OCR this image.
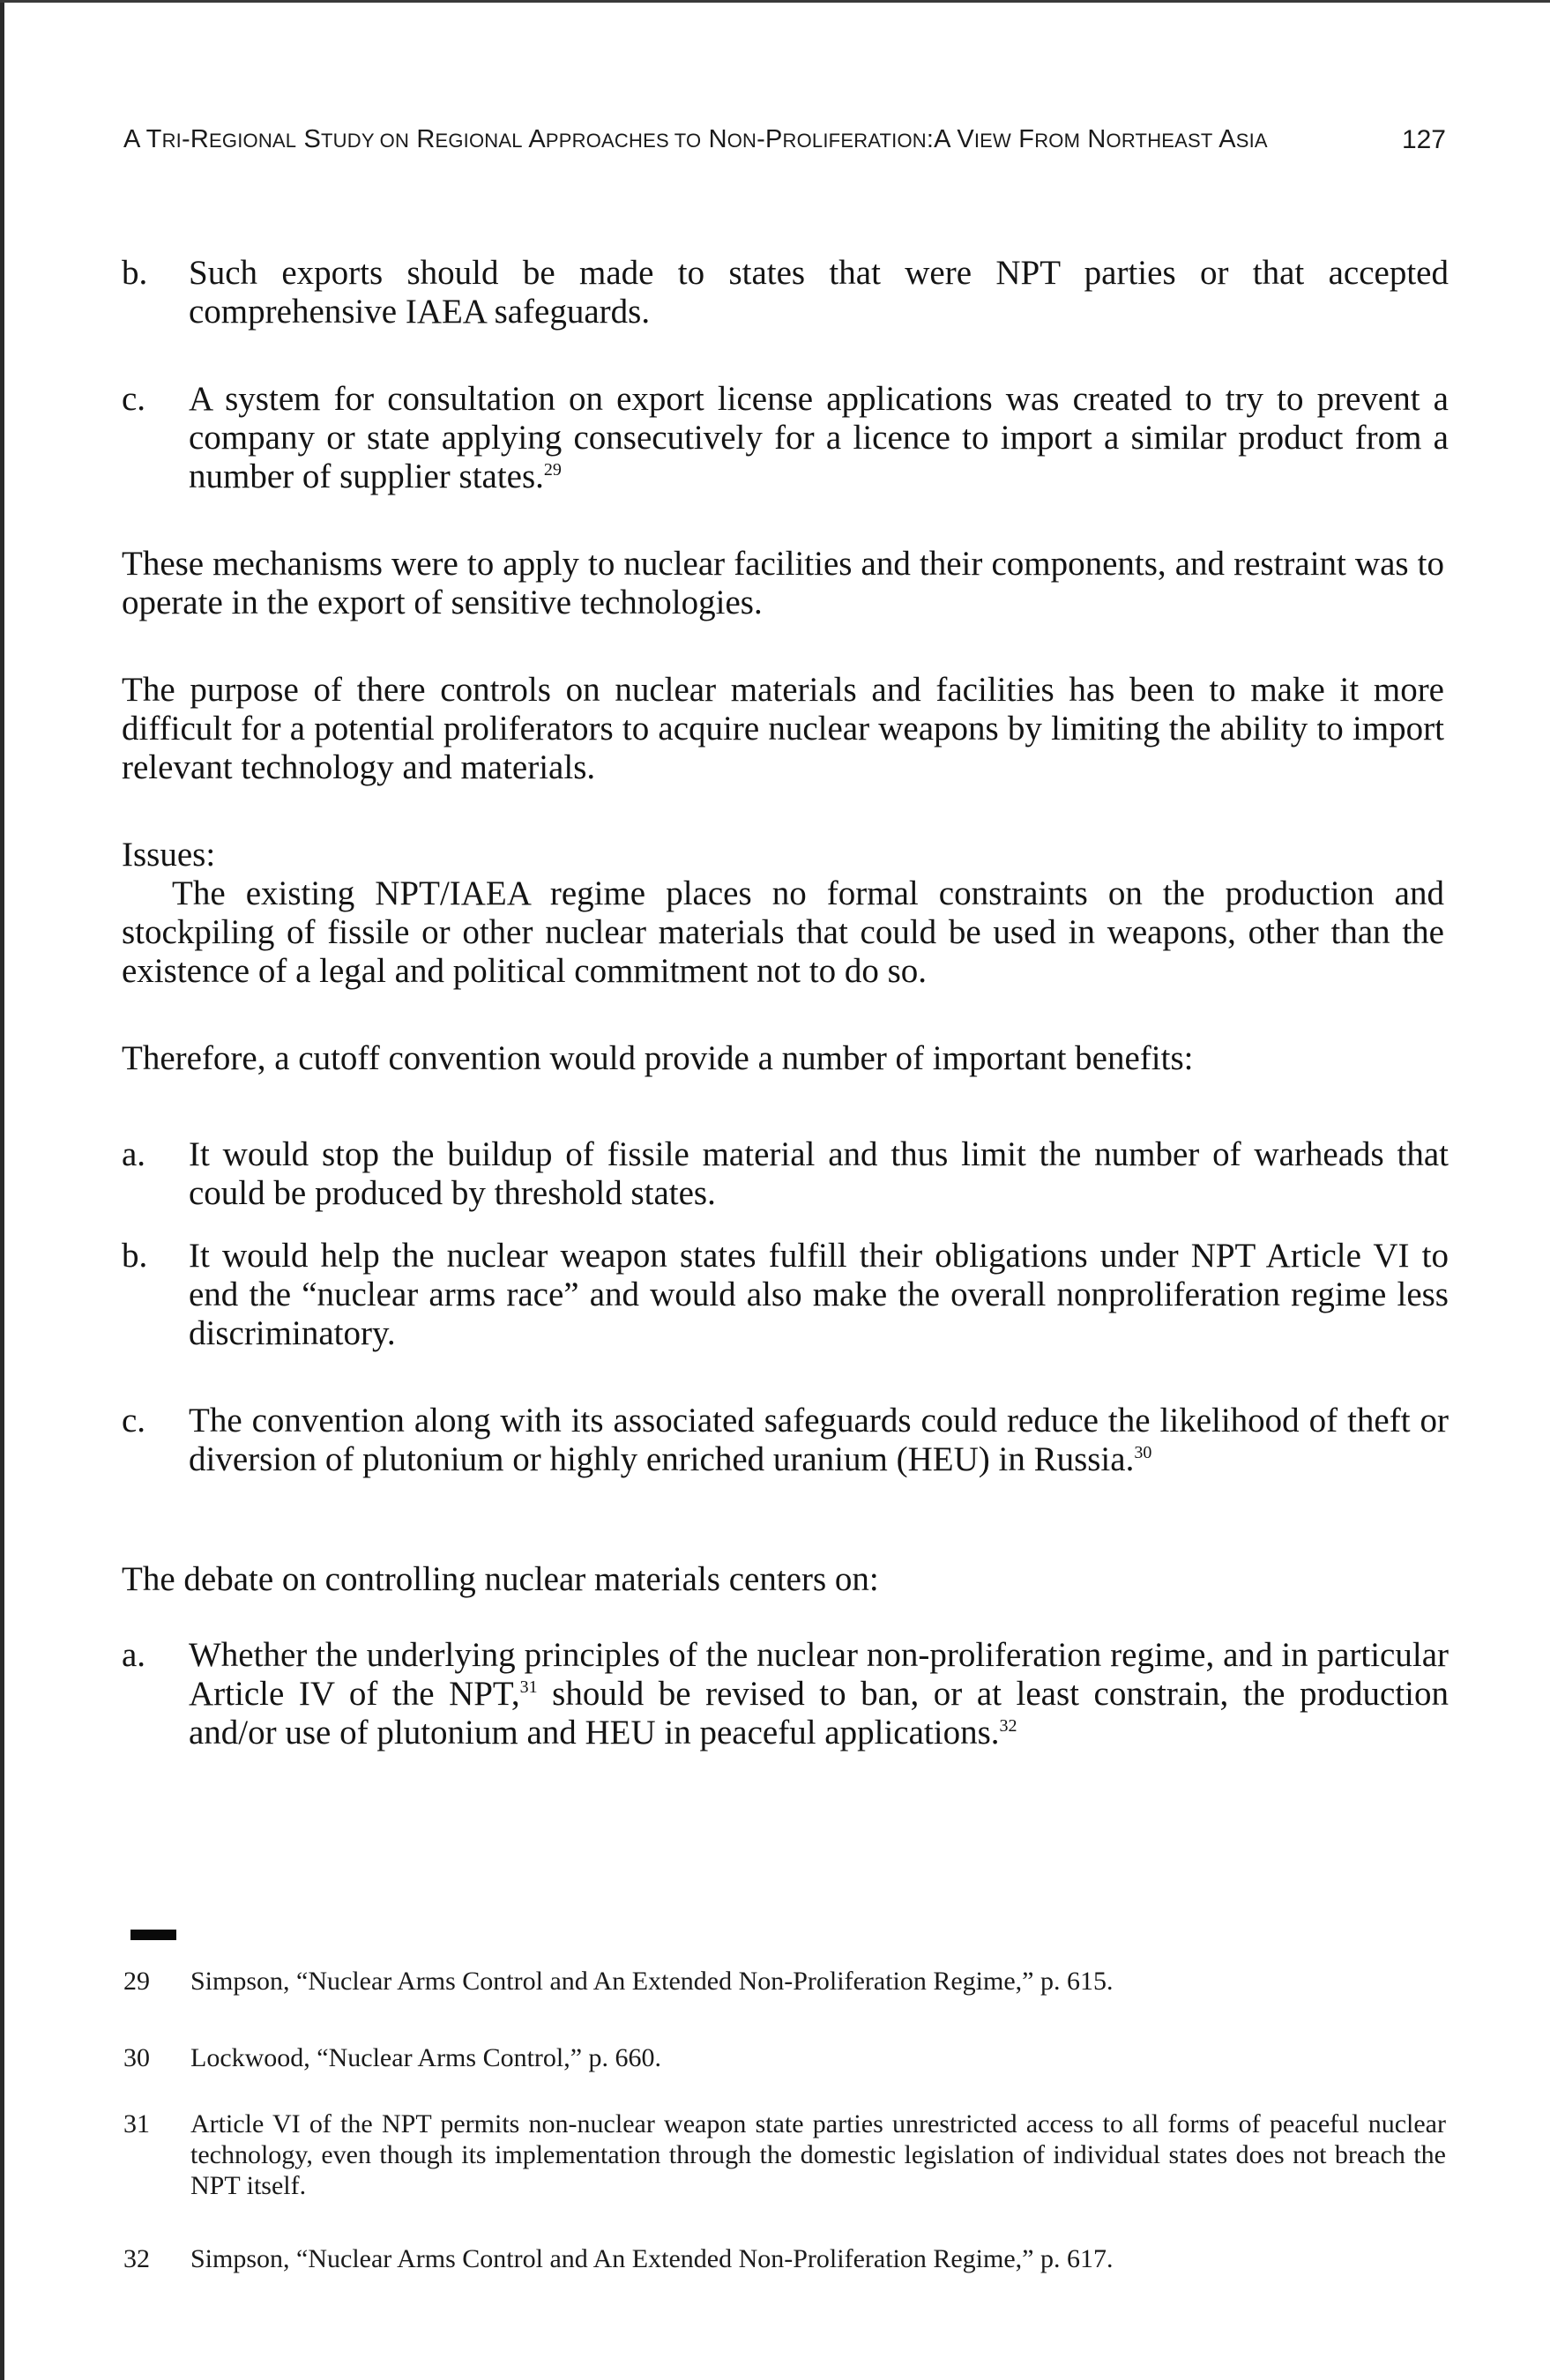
A TRI-REGIONAL STUDY ON REGIONAL APPROACHES TO NON-PROLIFERATION:A VIEW FROM NORTHEAST ASIA	127
b. Such exports should be made to states that were NPT parties or that accepted comprehensive IAEA safeguards.
c. A system for consultation on export license applications was created to try to prevent a company or state applying consecutively for a licence to import a similar product from a number of supplier states.$^{29}$
These mechanisms were to apply to nuclear facilities and their components, and restraint was to operate in the export of sensitive technologies.
The purpose of there controls on nuclear materials and facilities has been to make it more difficult for a potential proliferators to acquire nuclear weapons by limiting the ability to import relevant technology and materials.
Issues:
The existing NPT/IAEA regime places no formal constraints on the production and stockpiling of fissile or other nuclear materials that could be used in weapons, other than the existence of a legal and political commitment not to do so.
Therefore, a cutoff convention would provide a number of important benefits:
a. It would stop the buildup of fissile material and thus limit the number of warheads that could be produced by threshold states.
b. It would help the nuclear weapon states fulfill their obligations under NPT Article VI to end the “nuclear arms race” and would also make the overall nonproliferation regime less discriminatory.
c. The convention along with its associated safeguards could reduce the likelihood of theft or diversion of plutonium or highly enriched uranium (HEU) in Russia.$^{30}$
The debate on controlling nuclear materials centers on:
a. Whether the underlying principles of the nuclear non-proliferation regime, and in particular Article IV of the NPT,$^{31}$ should be revised to ban, or at least constrain, the production and/or use of plutonium and HEU in peaceful applications.$^{32}$
29 Simpson, “Nuclear Arms Control and An Extended Non-Proliferation Regime,” p. 615.
30 Lockwood, “Nuclear Arms Control,” p. 660.
31 Article VI of the NPT permits non-nuclear weapon state parties unrestricted access to all forms of peaceful nuclear technology, even though its implementation through the domestic legislation of individual states does not breach the NPT itself.
32 Simpson, “Nuclear Arms Control and An Extended Non-Proliferation Regime,” p. 617.
